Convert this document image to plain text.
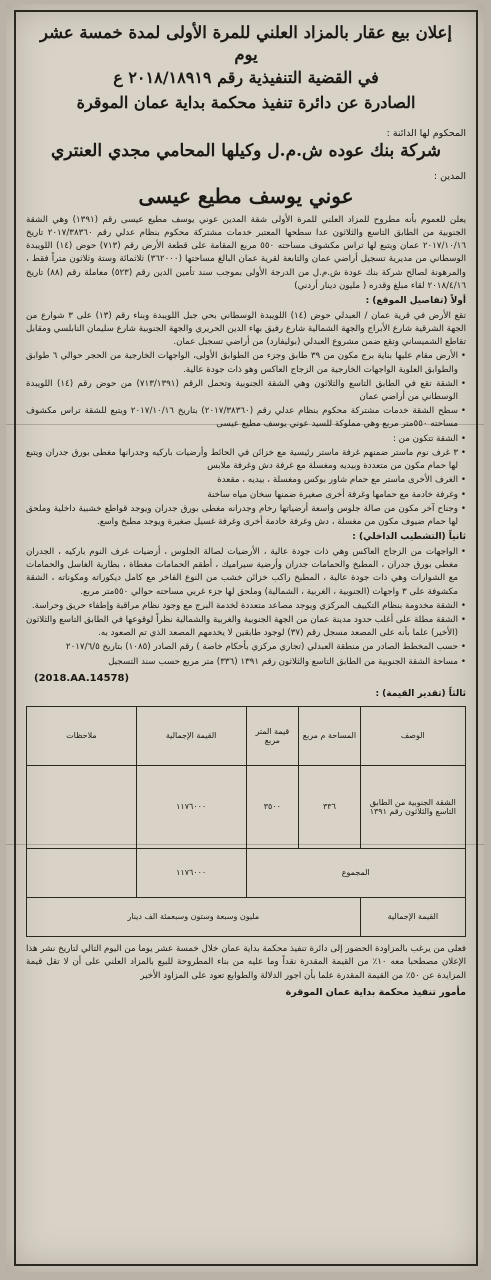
إعلان بيع عقار بالمزاد العلني للمرة الأولى لمدة خمسة عشر يوم
في القضية التنفيذية رقم ٢٠١٨/١٨٩١٩ ع
الصادرة عن دائرة تنفيذ محكمة بداية عمان الموقرة
المحكوم لها الدائنة :
شركة بنك عوده ش.م.ل وكيلها المحامي مجدي العنتري
المدين :
عوني يوسف مطيع عيسى

يعلن للعموم بأنه مطروح للمزاد العلني للمرة الأولى شقة المدين عوني يوسف مطيع عيسى رقم (١٣٩١) وهي الشقة الجنوبية من الطابق التاسع والثلاثون عدا سطحها المعتبر خدمات مشتركة محكوم بنظام عدلي رقم ٢٠١٧/٣٨٣٦٠ تاريخ ٢٠١٧/١٠/١٦ عمان ويتبع لها تراس مكشوف مساحته ٥٥٠ مربع المقامة على قطعة الأرض رقم (٧١٣) حوض (١٤) اللويبدة الوسطاني من مديرية تسجيل أراضي عمان والتابعة لقرية عمان البالغ مساحتها (٣٦٢٠٠٠) ثلاثمائة وستة وثلاثون متراً فقط ، والمرهونة لصالح شركة بنك عودة ش.م.ل من الدرجة الأولى بموجب سند تأمين الدين رقم (٥٢٣) معاملة رقم (٨٨) تاريخ ٢٠١٨/٤/١٦ لقاء مبلغ وقدره ( مليون دينار أردني)

أولاً (تفاصيل الموقع) :

تقع الأرض في قرية عمان / العبدلي حوض (١٤) اللويبدة الوسطاني بحي جبل اللويبدة وبناء رقم (١٣) على ٣ شوارع من الجهة الشرقية شارع الأبراج والجهة الشمالية شارع رفيق بهاء الدين الحريري والجهة الجنوبية شارع سليمان النابلسي ومقابل تقاطع الشميساني وتقع ضمن مشروع العبدلي (بوليفارد) من أراضي تسجيل عمان.

• الأرض مقام عليها بناية برج مكون من ٣٩ طابق وجزء من الطوابق الأولى، الواجهات الخارجية من الحجر حوالي ٦ طوابق والطوابق العلوية الواجهات الخارجية من الزجاج العاكس وهو ذات جودة عالية.

• الشقة تقع في الطابق التاسع والثلاثون وهي الشقة الجنوبية وتحمل الرقم (٧١٣/١٣٩١) من حوض رقم (١٤) اللويبدة الوسطاني من أراضي عمان

• سطح الشقة خدمات مشتركة محكوم بنظام عدلي رقم (٢٠١٧/٣٨٣٦٠) بتاريخ ٢٠١٧/١٠/١٦ ويتبع للشقة تراس مكشوف مساحته ٥٥٠متر مربع وهي مملوكة للسيد عوني يوسف مطيع عيسى

• الشقة تتكون من :

• ٣ غرف نوم ماستر ضمنهم غرفة ماستر رئيسية مع خزائن في الحائط وأرضيات باركيه وجدرانها مغطى بورق جدران ويتبع لها حمام مكون من متعددة وبيديه ومغسلة مع غرفة دش وغرفة ملابس

• الغرف الأخرى ماستر مع حمام شاور بوكس ومغسلة ، بيديه ، مقعدة

• وغرفة خادمة مع حمامها وغرفة أخرى صغيرة ضمنها سخان مياه ساخنة

• وجناح آخر مكون من صالة جلوس واسعة أرضياتها رخام وجدرانه مغطى بورق جدران ويوجد قواطع خشبية داخلية وملحق لها حمام ضيوف مكون من مغسلة ، دش وغرفة خادمة أخرى وغرفة غسيل صغيرة ويوجد مطبخ واسع.

ثانياً (التشطيب الداخلي) :

• الواجهات من الزجاج العاكس وهي ذات جودة عالية ، الأرضيات لصالة الجلوس ، أرضيات غرف النوم باركيه ، الجدران مغطى بورق جدران ، المطبخ والحمامات جدران وأرضية سيراميك ، أطقم الحمامات مغطاة ، بطارية الغاسل والحمامات مع الشوارات وهي ذات جودة عالية ، المطبخ راكب خزائن خشب من النوع الفاخر مع كامل ديكوراته ومكوناته ، الشقة مكشوفة على ٣ واجهات (الجنوبية ، الغربية ، الشمالية) وملحق لها جزء غربي مساحته حوالي ٥٥٠متر مربع.

• الشقة مخدومة بنظام التكييف المركزي ويوجد مصاعد متعددة لخدمة البرج مع وجود نظام مراقبة وإطفاء حريق وحراسة.

• الشقة مطلة على أغلب حدود مدينة عمان من الجهة الجنوبية والغربية والشمالية نظراً لوقوعها في الطابق التاسع والثلاثون (الأخير) علما بأنه على المصعد مسجل رقم (٣٧) لوجود طابقين لا يخدمهم المصعد الذي تم الصعود به.

• حسب المخطط الصادر من منطقة العبدلي (تجاري مركزي بأحكام خاصة ) رقم الصادر (١٠٨٥) بتاريخ ٢٠١٧/٦/٥

• مساحة الشقة الجنوبية من الطابق التاسع والثلاثون رقم ١٣٩١ (٣٣٦) متر مربع حسب سند التسجيل

(2018.AA.14578)
ثالثاً (تقدير القيمة) :
الوصف	المساحة م مربع	قيمة المتر مربع	القيمة الإجمالية	ملاحظات
الشقة الجنوبية من الطابق التاسع والثلاثون رقم ١٣٩١	٣٣٦	٣٥٠٠	١١٧٦٠٠٠	
المجموع			١١٧٦٠٠٠	
القيمة الإجمالية	مليون وسبعة وستون وسبعمئة الف دينار			
فعلى من يرغب بالمزاودة الحضور إلى دائرة تنفيذ محكمة بداية عمان خلال خمسة عشر يوما من اليوم التالي لتاريخ نشر هذا الإعلان مصطحبا معه ١٠٪ من القيمة المقدرة نقداً وما عليه من بناء المطروحة للبيع بالمزاد العلني على أن لا تقل قيمة المزايدة عن ٥٠٪ من القيمة المقدرة علما بأن اجور الدلالة والطوابع تعود على المزاود الأخير
مأمور تنفيذ محكمة بداية عمان الموقرة
